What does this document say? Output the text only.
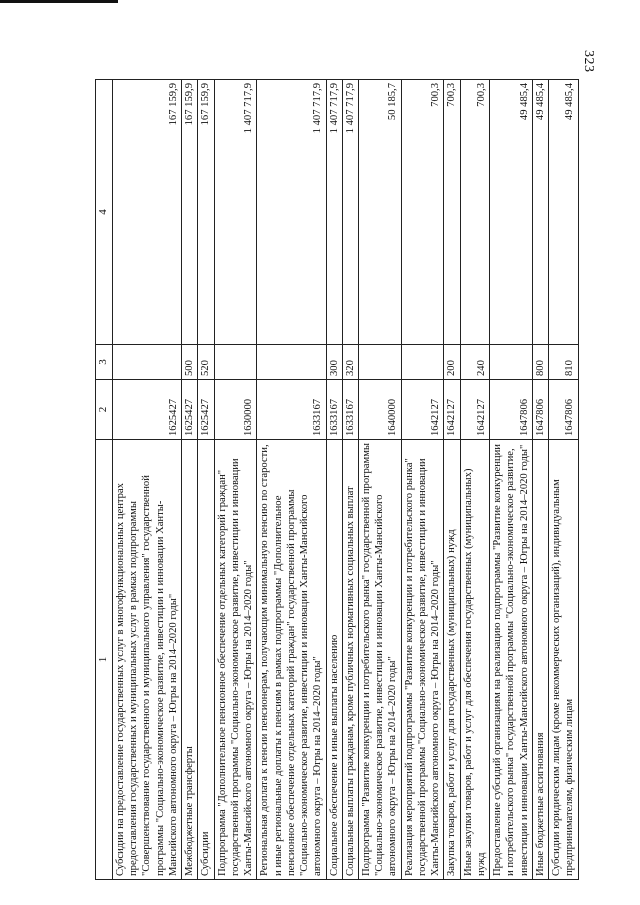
323
1	2	3	4
Субсидии на предоставление государственных услуг в многофункциональных центрах предоставления государственных и муниципальных услуг в рамках подпрограммы "Совершенствование государственного и муниципального управления" государственной программы "Социально-экономическое развитие, инвестиции и инновации Ханты-Мансийского автономного округа – Югры на 2014–2020 годы"	1625427		167 159,9
Межбюджетные трансферты	1625427	500	167 159,9
Субсидии	1625427	520	167 159,9
Подпрограмма "Дополнительное пенсионное обеспечение отдельных категорий граждан" государственной программы "Социально-экономическое развитие, инвестиции и инновации Ханты-Мансийского автономного округа – Югры на 2014–2020 годы"	1630000		1 407 717,9
Региональная доплата к пенсии пенсионерам, получающим минимальную пенсию по старости, и иные региональные доплаты к пенсиям в рамках подпрограммы "Дополнительное пенсионное обеспечение отдельных категорий граждан" государственной программы "Социально-экономическое развитие, инвестиции и инновации Ханты-Мансийского автономного округа – Югры на 2014–2020 годы"	1633167		1 407 717,9
Социальное обеспечение и иные выплаты населению	1633167	300	1 407 717,9
Социальные выплаты гражданам, кроме публичных нормативных социальных выплат	1633167	320	1 407 717,9
Подпрограмма "Развитие конкуренции и потребительского рынка" государственной программы "Социально-экономическое развитие, инвестиции и инновации Ханты-Мансийского автономного округа – Югры на 2014–2020 годы"	1640000		50 185,7
Реализация мероприятий подпрограммы "Развитие конкуренции и потребительского рынка" государственной программы "Социально-экономическое развитие, инвестиции и инновации Ханты-Мансийского автономного округа – Югры на 2014–2020 годы"	1642127		700,3
Закупка товаров, работ и услуг для государственных (муниципальных) нужд	1642127	200	700,3
Иные закупки товаров, работ и услуг для обеспечения государственных (муниципальных) нужд	1642127	240	700,3
Предоставление субсидий организациям на реализацию подпрограммы "Развитие конкуренции и потребительского рынка" государственной программы "Социально-экономическое развитие, инвестиции и инновации Ханты-Мансийского автономного округа – Югры на 2014–2020 годы"	1647806		49 485,4
Иные бюджетные ассигнования	1647806	800	49 485,4
Субсидии юридическим лицам (кроме некоммерческих организаций), индивидуальным предпринимателям, физическим лицам	1647806	810	49 485,4
